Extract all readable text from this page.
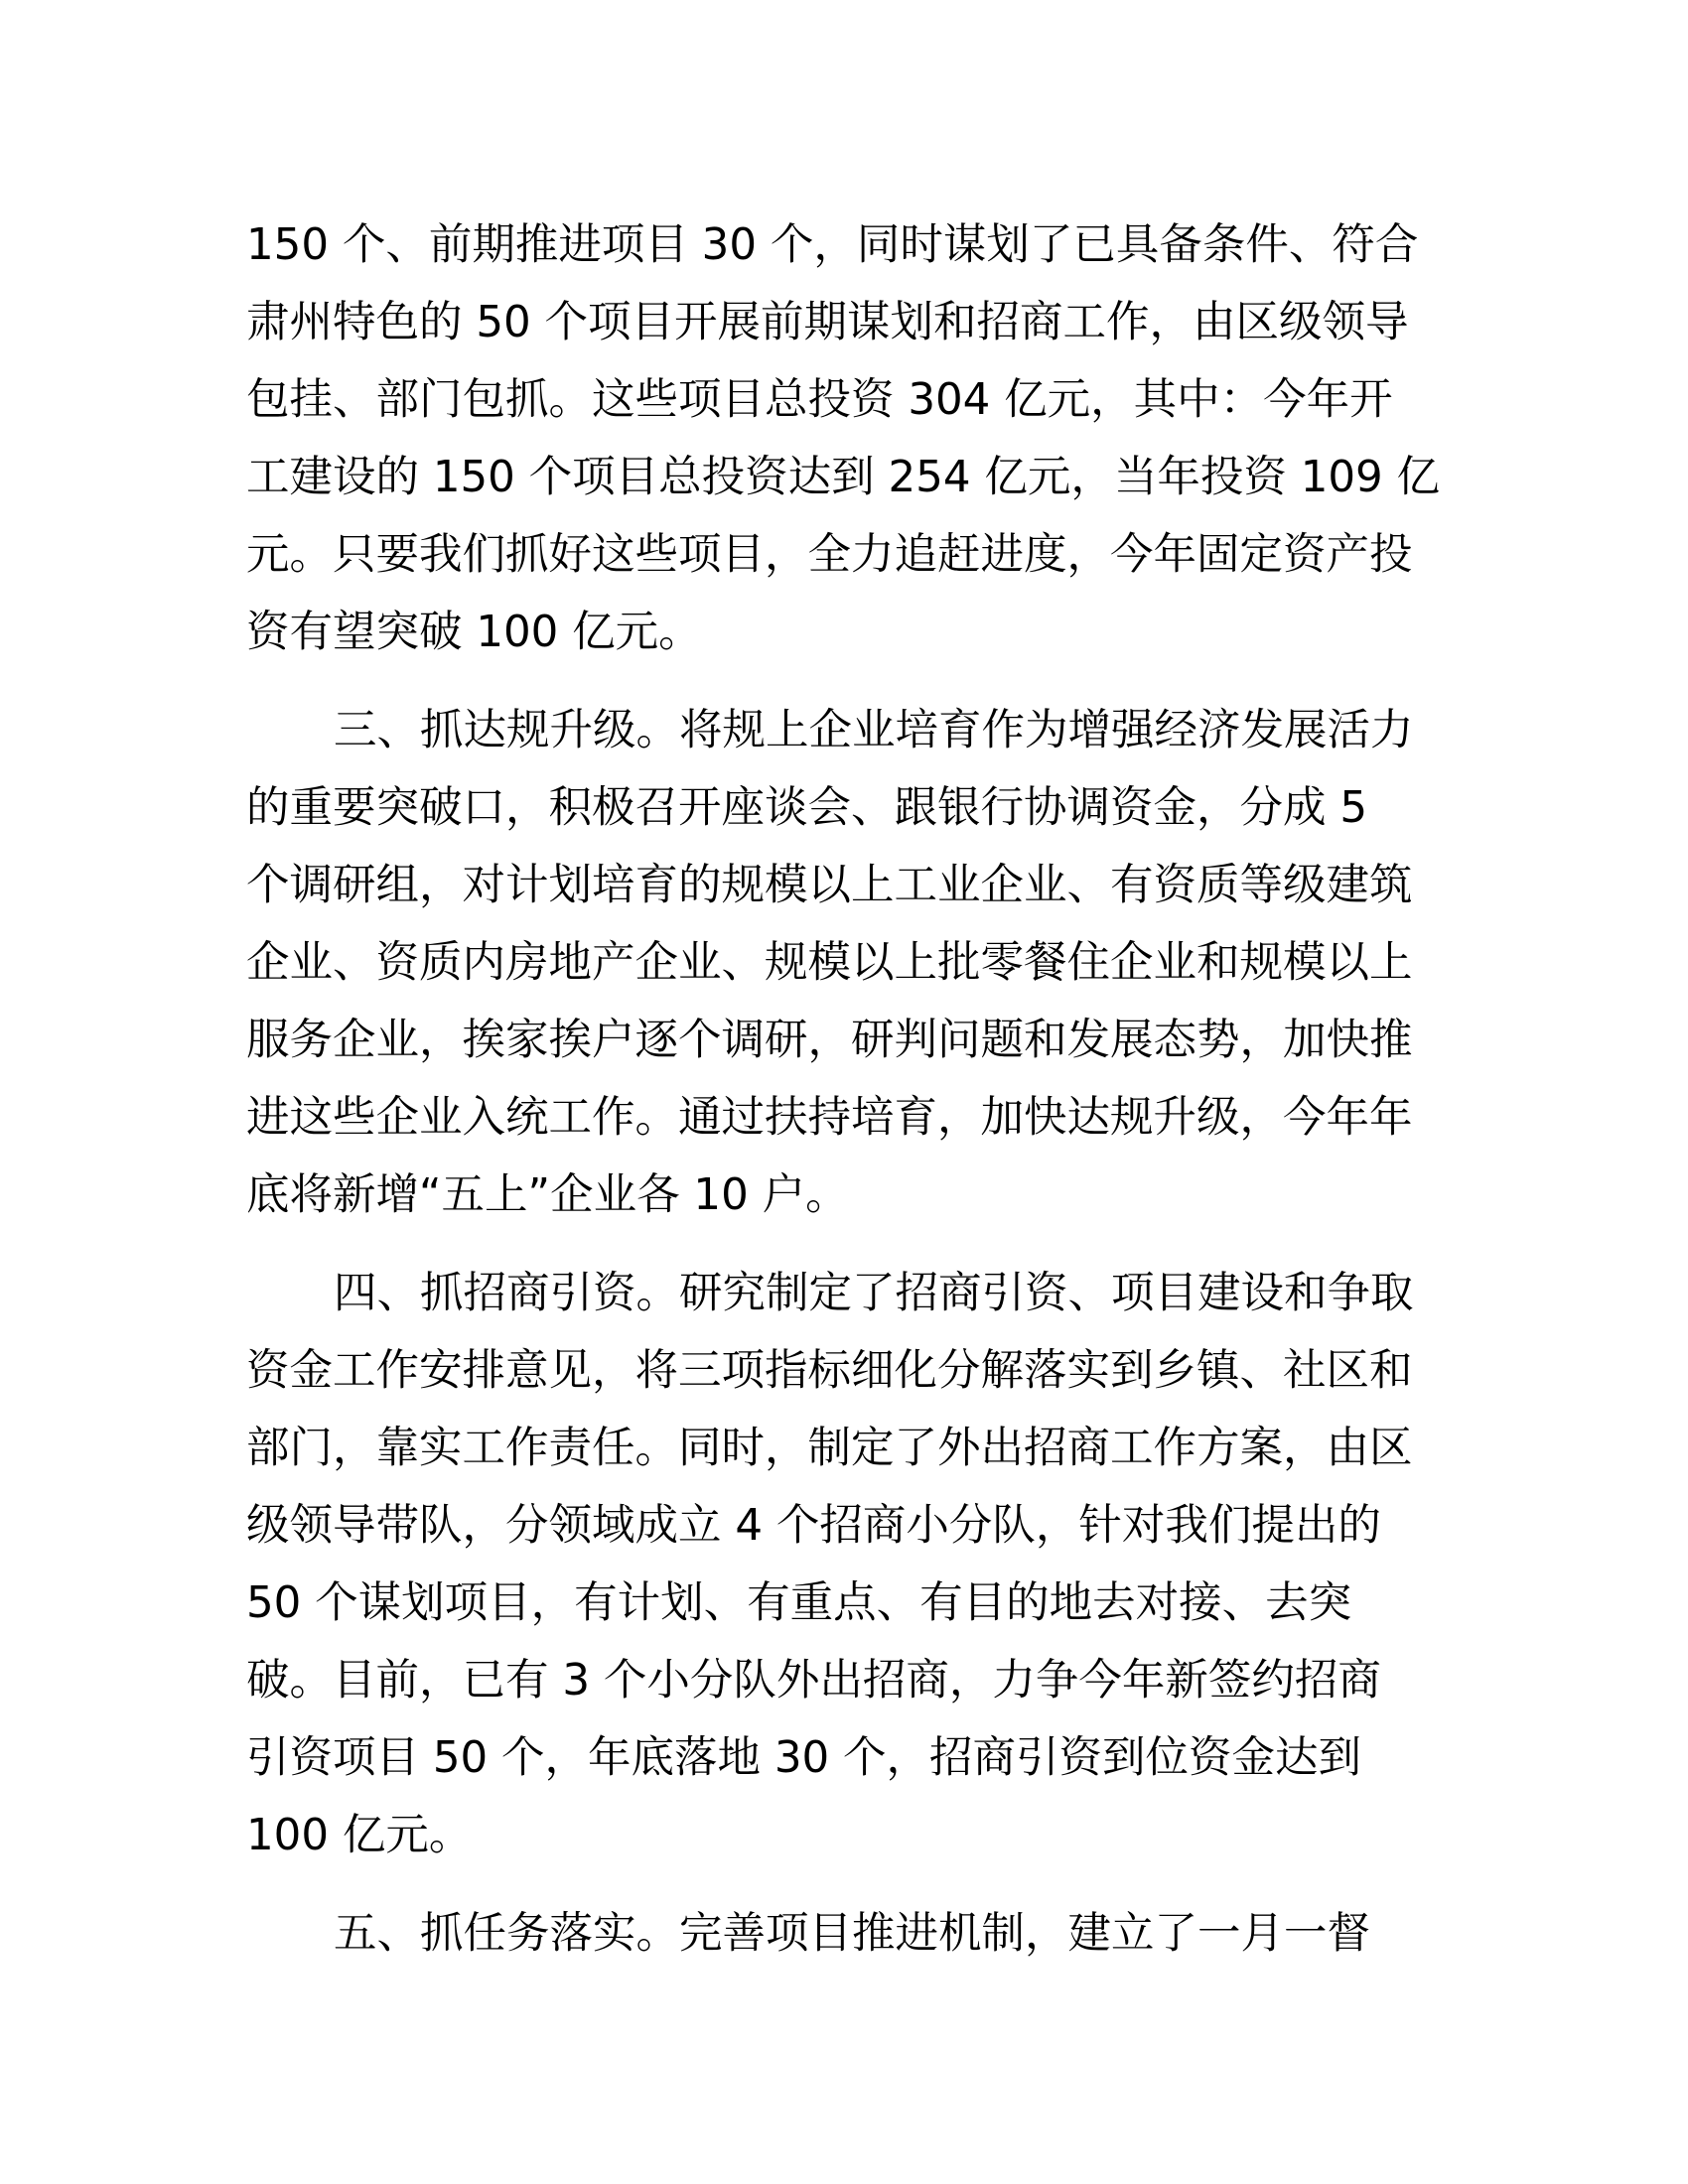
150 个、前期推进项目 30 个，同时谋划了已具备条件、符合
肃州特色的 50 个项目开展前期谋划和招商工作，由区级领导
包挂、部门包抓。这些项目总投资 304 亿元，其中：今年开
工建设的 150 个项目总投资达到 254 亿元，当年投资 109 亿
元。只要我们抓好这些项目，全力追赶进度，今年固定资产投
资有望突破 100 亿元。

三、抓达规升级。将规上企业培育作为增强经济发展活力
的重要突破口，积极召开座谈会、跟银行协调资金，分成 5
个调研组，对计划培育的规模以上工业企业、有资质等级建筑
企业、资质内房地产企业、规模以上批零餐住企业和规模以上
服务企业，挨家挨户逐个调研，研判问题和发展态势，加快推
进这些企业入统工作。通过扶持培育，加快达规升级，今年年
底将新增“五上”企业各 10 户。

四、抓招商引资。研究制定了招商引资、项目建设和争取
资金工作安排意见，将三项指标细化分解落实到乡镇、社区和
部门，靠实工作责任。同时，制定了外出招商工作方案，由区
级领导带队，分领域成立 4 个招商小分队，针对我们提出的
50 个谋划项目，有计划、有重点、有目的地去对接、去突
破。目前，已有 3 个小分队外出招商，力争今年新签约招商
引资项目 50 个，年底落地 30 个，招商引资到位资金达到
100 亿元。

五、抓任务落实。完善项目推进机制，建立了一月一督
